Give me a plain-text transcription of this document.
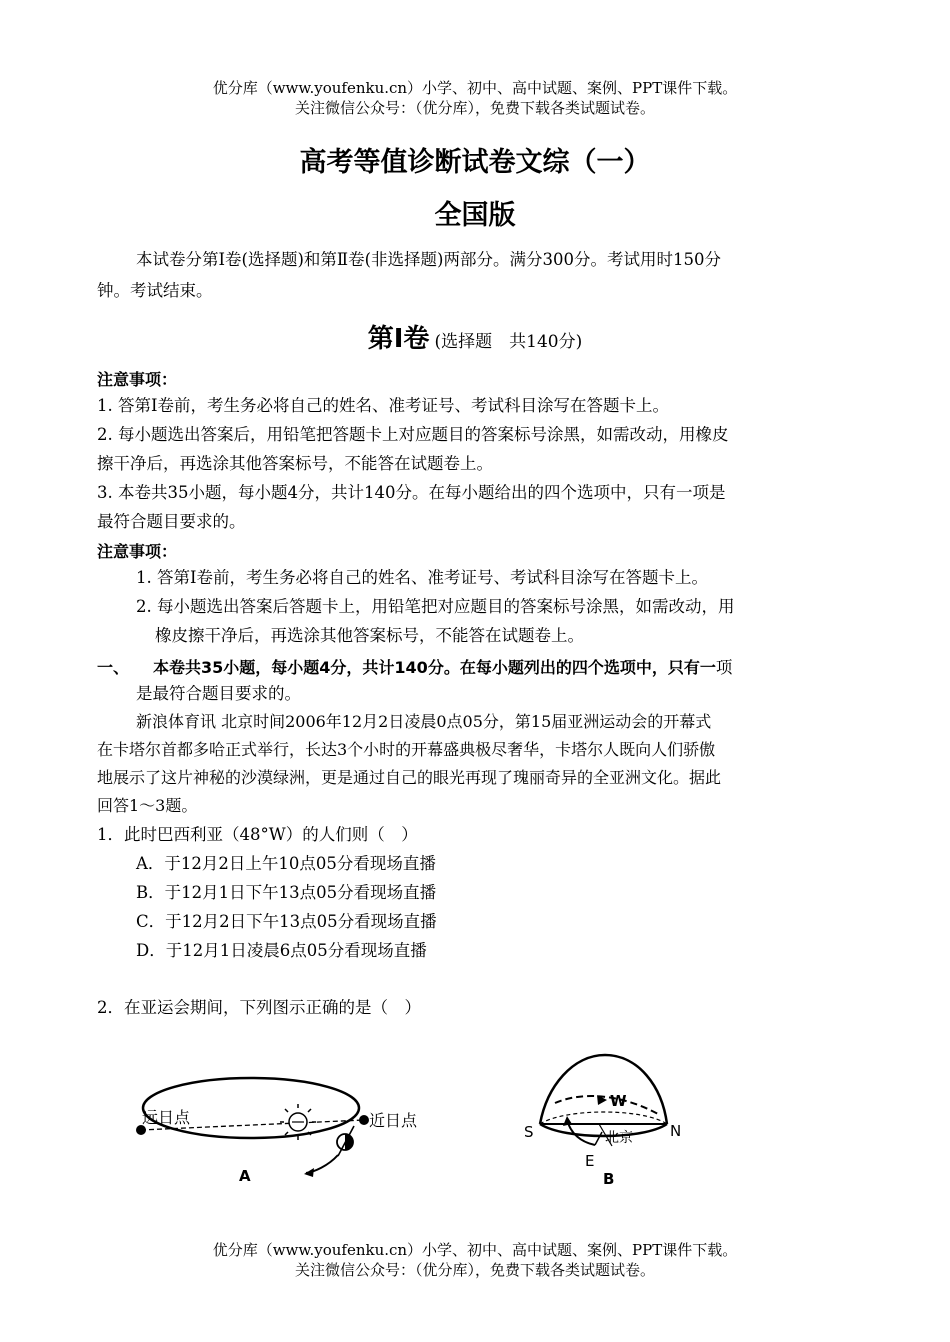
优分库（www.youfenku.cn）小学、初中、高中试题、案例、PPT课件下载。
关注微信公众号：（优分库），免费下载各类试题试卷。
高考等值诊断试卷文综（一）
全国版
本试卷分第Ⅰ卷(选择题)和第Ⅱ卷(非选择题)两部分。满分300分。考试用时150分
钟。考试结束。
第Ⅰ卷 (选择题　共140分)
注意事项：
1. 答第Ⅰ卷前，考生务必将自己的姓名、准考证号、考试科目涂写在答题卡上。
2. 每小题选出答案后，用铅笔把答题卡上对应题目的答案标号涂黑，如需改动，用橡皮
擦干净后，再选涂其他答案标号，不能答在试题卷上。
3. 本卷共35小题，每小题4分，共计140分。在每小题给出的四个选项中，只有一项是
最符合题目要求的。
注意事项：
1. 答第Ⅰ卷前，考生务必将自己的姓名、准考证号、考试科目涂写在答题卡上。
2. 每小题选出答案后答题卡上，用铅笔把对应题目的答案标号涂黑，如需改动，用
橡皮擦干净后，再选涂其他答案标号，不能答在试题卷上。
一、 本卷共35小题，每小题4分，共计140分。在每小题列出的四个选项中，只有一项
是最符合题目要求的。
新浪体育讯 北京时间2006年12月2日凌晨0点05分，第15届亚洲运动会的开幕式
在卡塔尔首都多哈正式举行，长达3个小时的开幕盛典极尽奢华，卡塔尔人既向人们骄傲
地展示了这片神秘的沙漠绿洲，更是通过自己的眼光再现了瑰丽奇异的全亚洲文化。据此
回答1～3题。
1．此时巴西利亚（48°W）的人们则（　）
A．于12月2日上午10点05分看现场直播
B．于12月1日下午13点05分看现场直播
C．于12月2日下午13点05分看现场直播
D．于12月1日凌晨6点05分看现场直播
2．在亚运会期间，下列图示正确的是（　）
远日点	近日点
A
S	N
W
E
北京
B
优分库（www.youfenku.cn）小学、初中、高中试题、案例、PPT课件下载。
关注微信公众号：（优分库），免费下载各类试题试卷。
